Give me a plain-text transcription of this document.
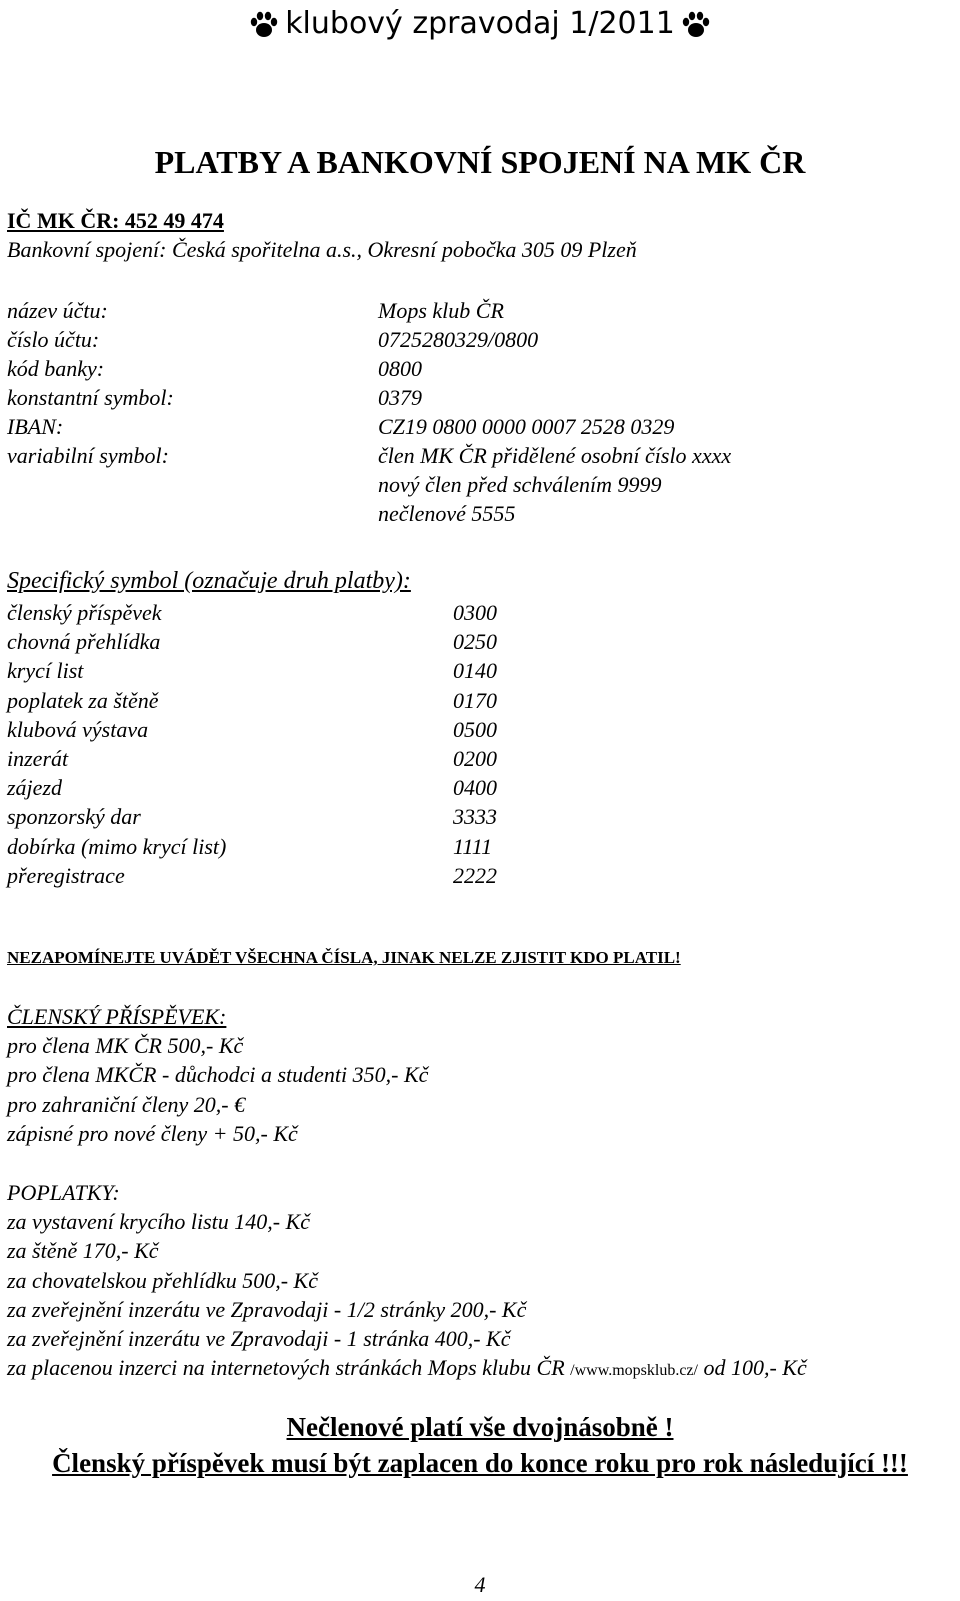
klubový zpravodaj 1/2011
PLATBY A BANKOVNÍ SPOJENÍ NA MK ČR
IČ MK ČR: 452 49 474
Bankovní spojení: Česká spořitelna a.s., Okresní pobočka 305 09 Plzeň
název účtu:	Mops klub ČR
číslo účtu:	0725280329/0800
kód banky:	0800
konstantní symbol:	0379
IBAN:	CZ19 0800 0000 0007 2528 0329
variabilní symbol:	člen MK ČR přidělené osobní číslo xxxx
nový člen před schválením 9999
nečlenové 5555
Specifický symbol (označuje druh platby):
členský příspěvek	0300
chovná přehlídka	0250
krycí list	0140
poplatek za štěně	0170
klubová výstava	0500
inzerát	0200
zájezd	0400
sponzorský dar	3333
dobírka (mimo krycí list)	1111
přeregistrace	2222
NEZAPOMÍNEJTE UVÁDĚT VŠECHNA ČÍSLA, JINAK NELZE ZJISTIT KDO PLATIL!
ČLENSKÝ PŘÍSPĚVEK:
pro člena MK ČR 500,- Kč
pro člena MKČR - důchodci a studenti 350,- Kč
pro zahraniční členy 20,- €
zápisné pro nové členy + 50,- Kč
POPLATKY:
za vystavení krycího listu 140,- Kč
za štěně 170,- Kč
za chovatelskou přehlídku 500,- Kč
za zveřejnění inzerátu ve Zpravodaji - 1/2 stránky 200,- Kč
za zveřejnění inzerátu ve Zpravodaji - 1 stránka 400,- Kč
za placenou inzerci na internetových stránkách Mops klubu ČR /www.mopsklub.cz/ od 100,- Kč
Nečlenové platí vše dvojnásobně !
Členský příspěvek musí být zaplacen do konce roku pro rok následující !!!
4
